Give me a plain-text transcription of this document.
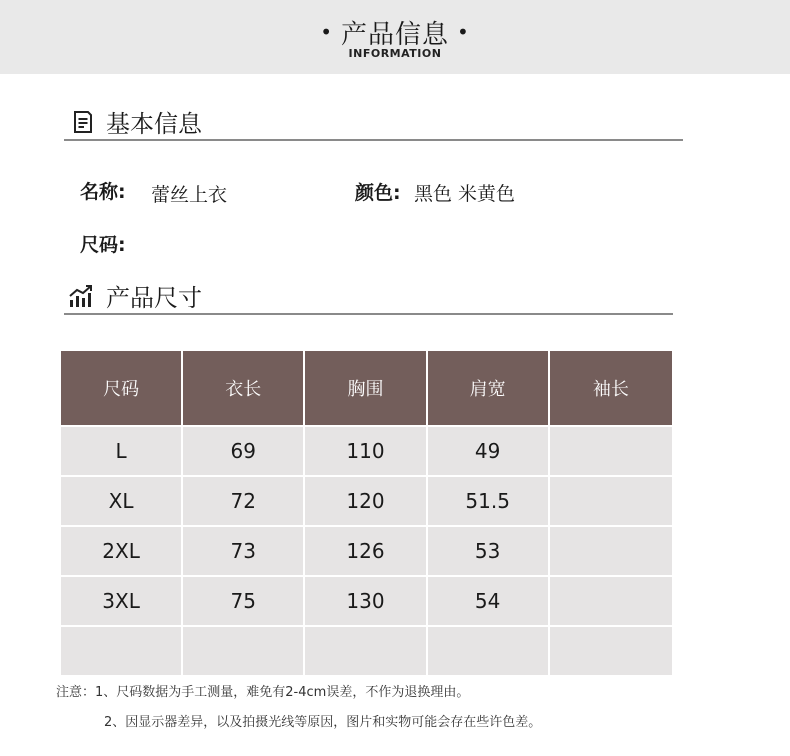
• 产品信息 •
INFORMATION
基本信息
名称: 蕾丝上衣	颜色: 黑色 米黄色
尺码:
产品尺寸
尺码	衣长	胸围	肩宽	袖长
L	69	110	49	
XL	72	120	51.5	
2XL	73	126	53	
3XL	75	130	54	

注意：1、尺码数据为手工测量，难免有2-4cm误差，不作为退换理由。
2、因显示器差异，以及拍摄光线等原因，图片和实物可能会存在些许色差。
